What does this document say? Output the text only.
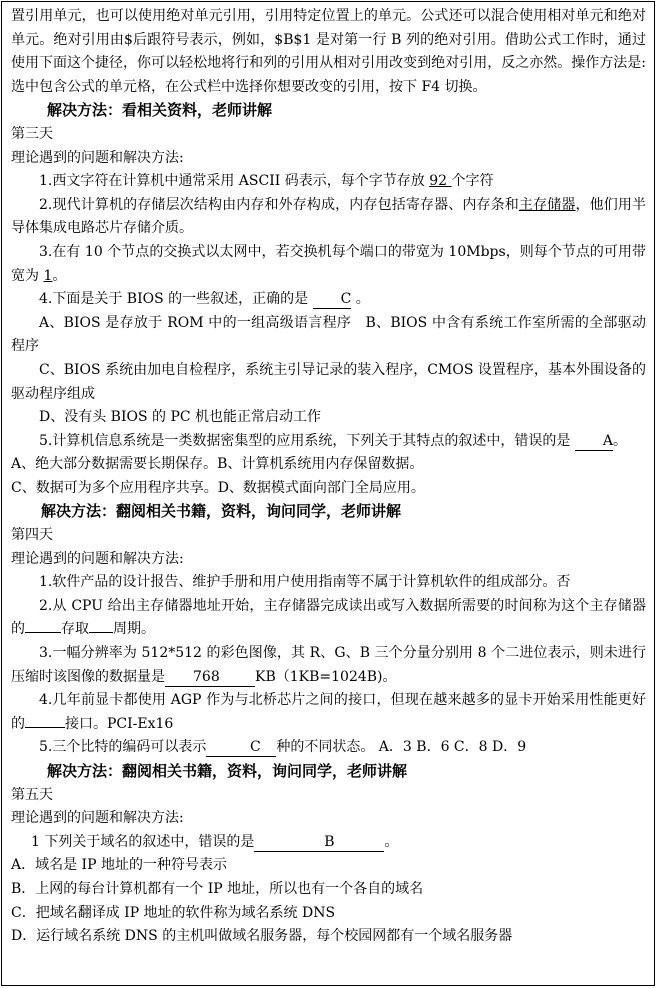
置引用单元，也可以使用绝对单元引用，引用特定位置上的单元。公式还可以混合使用相对单元和绝对单元。绝对引用由$后跟符号表示，例如，$B$1 是对第一行 B 列的绝对引用。借助公式工作时，通过使用下面这个捷径，你可以轻松地将行和列的引用从相对引用改变到绝对引用，反之亦然。操作方法是:选中包含公式的单元格，在公式栏中选择你想要改变的引用，按下 F4 切换。

解决方法：看相关资料，老师讲解

第三天

理论遇到的问题和解决方法:

1.西文字符在计算机中通常采用 ASCII 码表示，每个字节存放 92 个字符

2.现代计算机的存储层次结构由内存和外存构成，内存包括寄存器、内存条和主存储器，他们用半导体集成电路芯片存储介质。

3.在有 10 个节点的交换式以太网中，若交换机每个端口的带宽为 10Mbps，则每个节点的可用带宽为 1。

4.下面是关于 BIOS 的一些叙述，正确的是 C 。

A、BIOS 是存放于 ROM 中的一组高级语言程序　B、BIOS 中含有系统工作室所需的全部驱动程序

C、BIOS 系统由加电自检程序，系统主引导记录的装入程序，CMOS 设置程序，基本外围设备的驱动程序组成

D、没有头 BIOS 的 PC 机也能正常启动工作

5.计算机信息系统是一类数据密集型的应用系统，下列关于其特点的叙述中，错误的是 A。

A、绝大部分数据需要长期保存。B、计算机系统用内存保留数据。

C、数据可为多个应用程序共享。D、数据模式面向部门全局应用。

解决方法：翻阅相关书籍，资料，询问同学，老师讲解

第四天

理论遇到的问题和解决方法:

1.软件产品的设计报告、维护手册和用户使用指南等不属于计算机软件的组成部分。否

2.从 CPU 给出主存储器地址开始，主存储器完成读出或写入数据所需要的时间称为这个主存储器的	存取 周期。

3.一幅分辨率为 512*512 的彩色图像，其 R、G、B 三个分量分别用 8 个二进位表示，则未进行压缩时该图像的数据量是 768	KB（1KB=1024B)。

4.几年前显卡都使用 AGP 作为与北桥芯片之间的接口，但现在越来越多的显卡开始采用性能更好的	接口。PCI-Ex16

5.三个比特的编码可以表示	C 种的不同状态。 A．3 B．6 C．8 D．9

解决方法：翻阅相关书籍，资料，询问同学，老师讲解

第五天

理论遇到的问题和解决方法:

1 下列关于域名的叙述中，错误的是	B	。

A．域名是 IP 地址的一种符号表示

B．上网的每台计算机都有一个 IP 地址，所以也有一个各自的域名

C．把域名翻译成 IP 地址的软件称为域名系统 DNS

D．运行域名系统 DNS 的主机叫做域名服务器，每个校园网都有一个域名服务器
